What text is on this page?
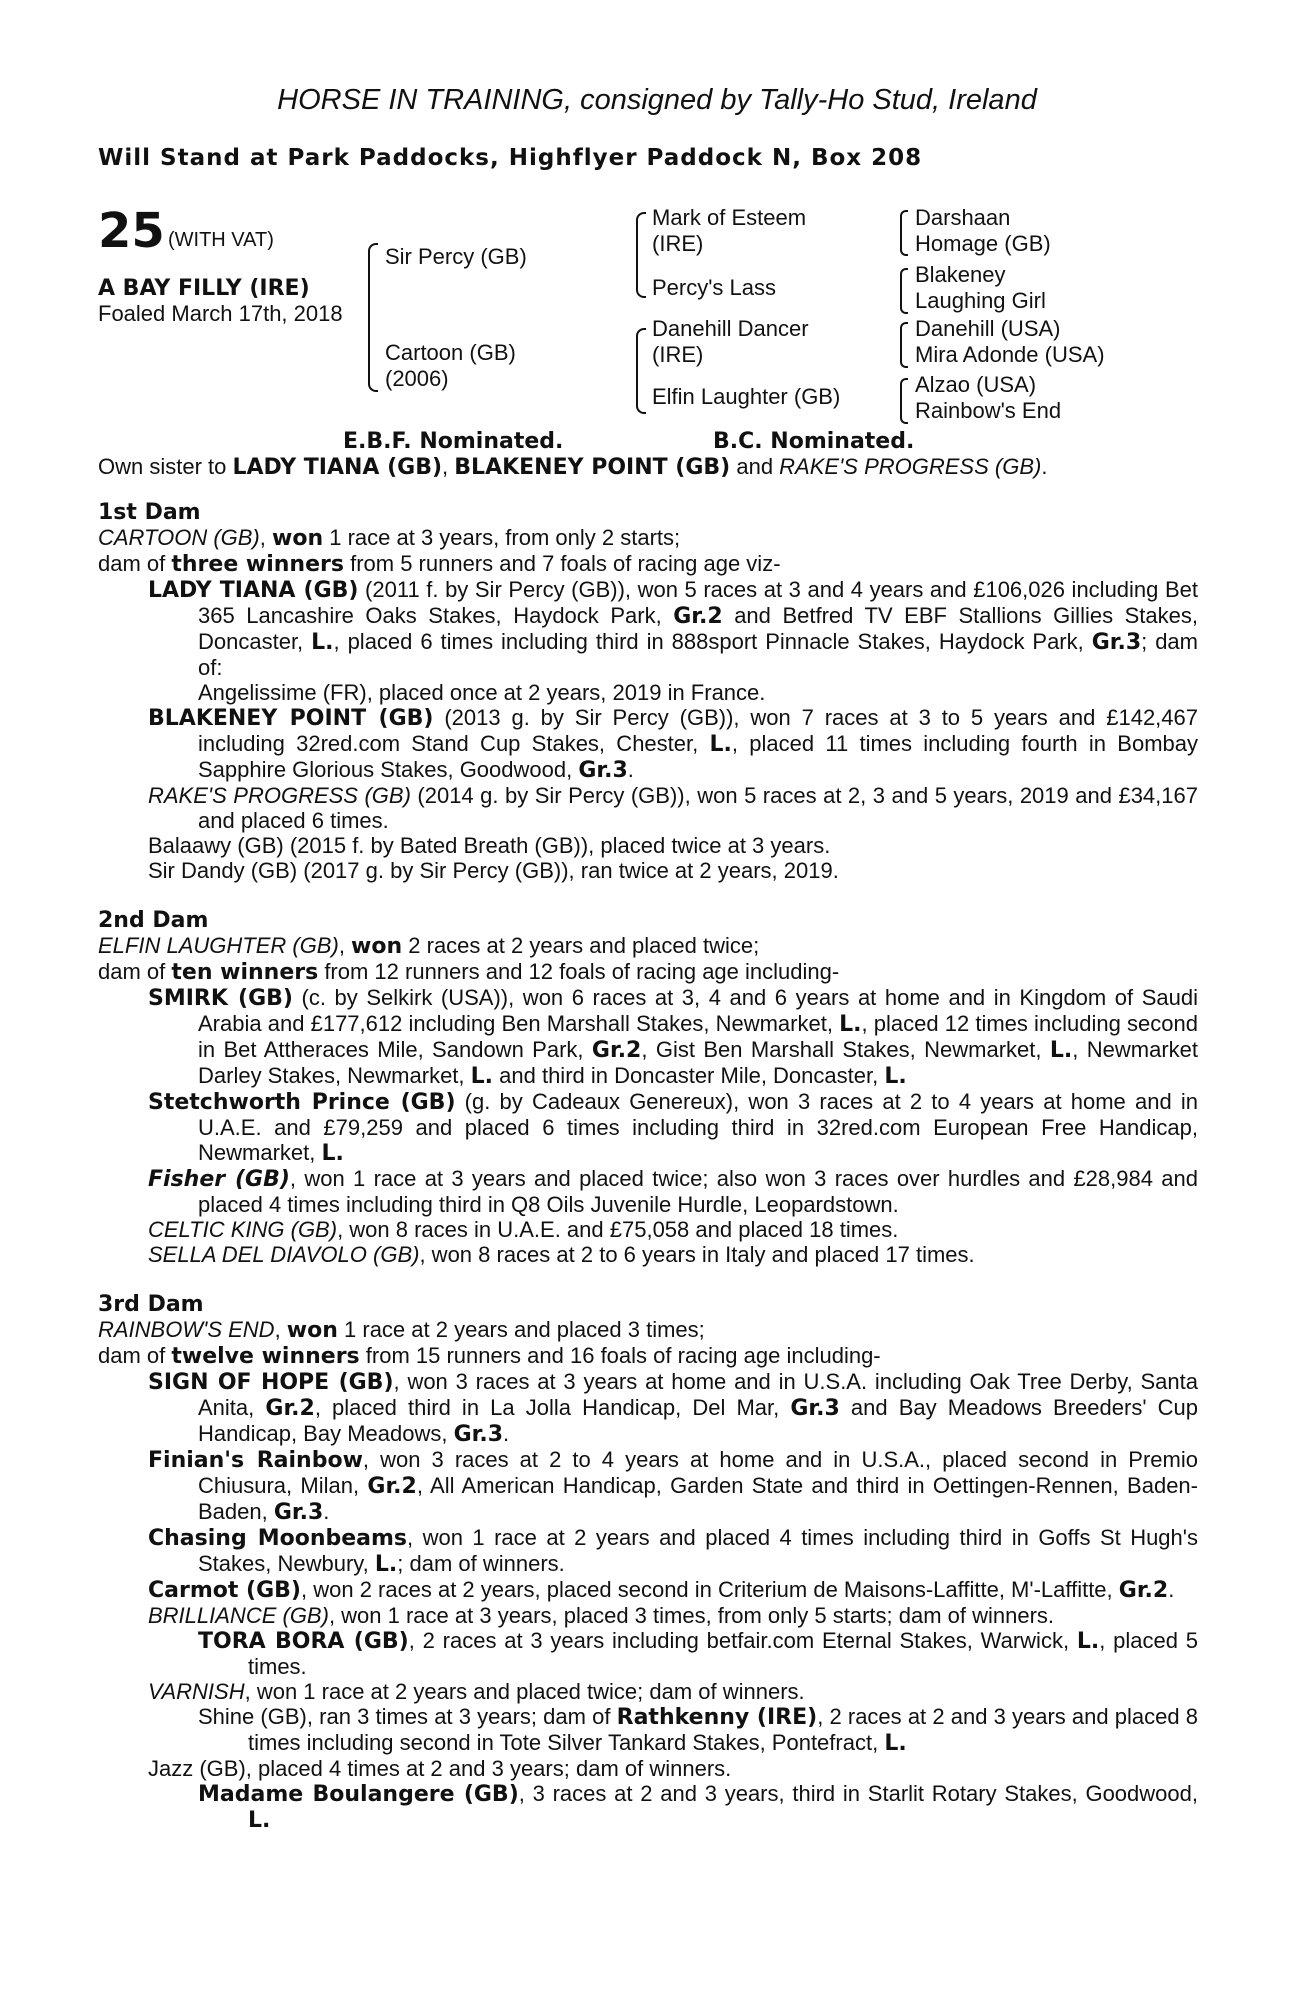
HORSE IN TRAINING, consigned by Tally-Ho Stud, Ireland
Will Stand at Park Paddocks, Highflyer Paddock N, Box 208
25 (WITH VAT)
A BAY FILLY (IRE)
Foaled March 17th, 2018
Sir Percy (GB)
Cartoon (GB) (2006)
Mark of Esteem (IRE)
Percy's Lass
Danehill Dancer (IRE)
Elfin Laughter (GB)
Darshaan
Homage (GB)
Blakeney
Laughing Girl
Danehill (USA)
Mira Adonde (USA)
Alzao (USA)
Rainbow's End
E.B.F. Nominated.	B.C. Nominated.
Own sister to LADY TIANA (GB), BLAKENEY POINT (GB) and RAKE'S PROGRESS (GB).

1st Dam

CARTOON (GB), won 1 race at 3 years, from only 2 starts;

dam of three winners from 5 runners and 7 foals of racing age viz-

LADY TIANA (GB) (2011 f. by Sir Percy (GB)), won 5 races at 3 and 4 years and £106,026 including Bet 365 Lancashire Oaks Stakes, Haydock Park, Gr.2 and Betfred TV EBF Stallions Gillies Stakes, Doncaster, L., placed 6 times including third in 888sport Pinnacle Stakes, Haydock Park, Gr.3; dam of:

Angelissime (FR), placed once at 2 years, 2019 in France.

BLAKENEY POINT (GB) (2013 g. by Sir Percy (GB)), won 7 races at 3 to 5 years and £142,467 including 32red.com Stand Cup Stakes, Chester, L., placed 11 times including fourth in Bombay Sapphire Glorious Stakes, Goodwood, Gr.3.

RAKE'S PROGRESS (GB) (2014 g. by Sir Percy (GB)), won 5 races at 2, 3 and 5 years, 2019 and £34,167 and placed 6 times.

Balaawy (GB) (2015 f. by Bated Breath (GB)), placed twice at 3 years.

Sir Dandy (GB) (2017 g. by Sir Percy (GB)), ran twice at 2 years, 2019.

2nd Dam

ELFIN LAUGHTER (GB), won 2 races at 2 years and placed twice;

dam of ten winners from 12 runners and 12 foals of racing age including-

SMIRK (GB) (c. by Selkirk (USA)), won 6 races at 3, 4 and 6 years at home and in Kingdom of Saudi Arabia and £177,612 including Ben Marshall Stakes, Newmarket, L., placed 12 times including second in Bet Attheraces Mile, Sandown Park, Gr.2, Gist Ben Marshall Stakes, Newmarket, L., Newmarket Darley Stakes, Newmarket, L. and third in Doncaster Mile, Doncaster, L.

Stetchworth Prince (GB) (g. by Cadeaux Genereux), won 3 races at 2 to 4 years at home and in U.A.E. and £79,259 and placed 6 times including third in 32red.com European Free Handicap, Newmarket, L.

Fisher (GB), won 1 race at 3 years and placed twice; also won 3 races over hurdles and £28,984 and placed 4 times including third in Q8 Oils Juvenile Hurdle, Leopardstown.

CELTIC KING (GB), won 8 races in U.A.E. and £75,058 and placed 18 times.

SELLA DEL DIAVOLO (GB), won 8 races at 2 to 6 years in Italy and placed 17 times.

3rd Dam

RAINBOW'S END, won 1 race at 2 years and placed 3 times;

dam of twelve winners from 15 runners and 16 foals of racing age including-

SIGN OF HOPE (GB), won 3 races at 3 years at home and in U.S.A. including Oak Tree Derby, Santa Anita, Gr.2, placed third in La Jolla Handicap, Del Mar, Gr.3 and Bay Meadows Breeders' Cup Handicap, Bay Meadows, Gr.3.

Finian's Rainbow, won 3 races at 2 to 4 years at home and in U.S.A., placed second in Premio Chiusura, Milan, Gr.2, All American Handicap, Garden State and third in Oettingen-Rennen, Baden-Baden, Gr.3.

Chasing Moonbeams, won 1 race at 2 years and placed 4 times including third in Goffs St Hugh's Stakes, Newbury, L.; dam of winners.

Carmot (GB), won 2 races at 2 years, placed second in Criterium de Maisons-Laffitte, M'-Laffitte, Gr.2.

BRILLIANCE (GB), won 1 race at 3 years, placed 3 times, from only 5 starts; dam of winners.

TORA BORA (GB), 2 races at 3 years including betfair.com Eternal Stakes, Warwick, L., placed 5 times.

VARNISH, won 1 race at 2 years and placed twice; dam of winners.

Shine (GB), ran 3 times at 3 years; dam of Rathkenny (IRE), 2 races at 2 and 3 years and placed 8 times including second in Tote Silver Tankard Stakes, Pontefract, L.

Jazz (GB), placed 4 times at 2 and 3 years; dam of winners.

Madame Boulangere (GB), 3 races at 2 and 3 years, third in Starlit Rotary Stakes, Goodwood, L.
